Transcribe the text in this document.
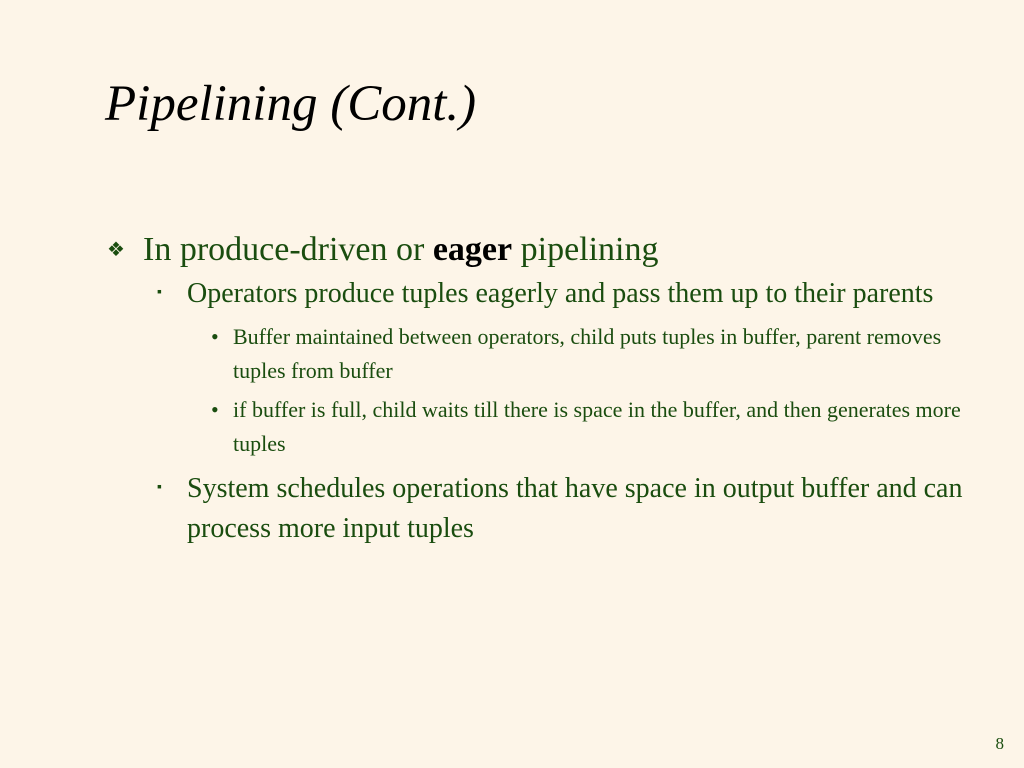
Pipelining (Cont.)
❖ In produce-driven or eager pipelining
▪ Operators produce tuples eagerly and pass them up to their parents
• Buffer maintained between operators, child puts tuples in buffer, parent removes tuples from buffer
• if buffer is full, child waits till there is space in the buffer, and then generates more tuples
▪ System schedules operations that have space in output buffer and can process more input tuples
8
